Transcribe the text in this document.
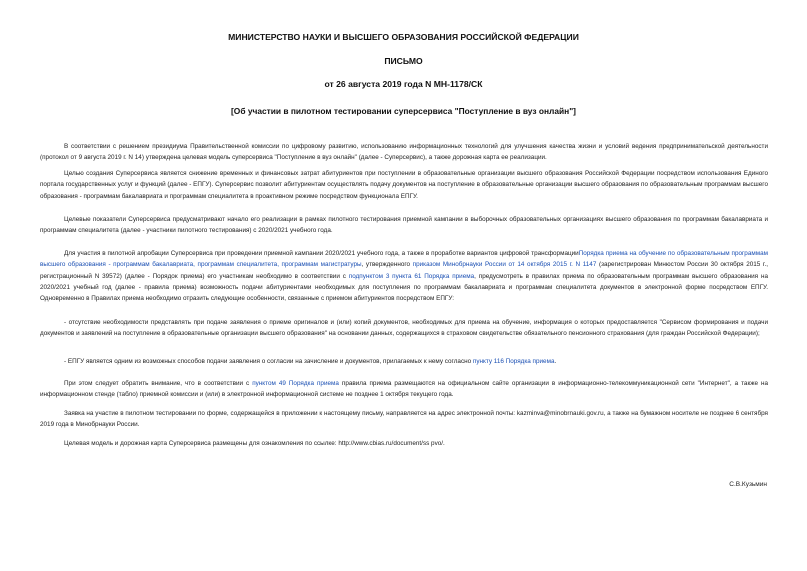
МИНИСТЕРСТВО НАУКИ И ВЫСШЕГО ОБРАЗОВАНИЯ РОССИЙСКОЙ ФЕДЕРАЦИИ
ПИСЬМО
от 26 августа 2019 года N МН-1178/СК
[Об участии в пилотном тестировании суперсервиса "Поступление в вуз онлайн"]
В соответствии с решением президиума Правительственной комиссии по цифровому развитию, использованию информационных технологий для улучшения качества жизни и условий ведения предпринимательской деятельности (протокол от 9 августа 2019 г. N 14) утверждена целевая модель суперсервиса "Поступление в вуз онлайн" (далее - Суперсервис), а также дорожная карта ее реализации.
Целью создания Суперсервиса является снижение временных и финансовых затрат абитуриентов при поступлении в образовательные организации высшего образования Российской Федерации посредством использования Единого портала государственных услуг и функций (далее - ЕПГУ). Суперсервис позволит абитуриентам осуществлять подачу документов на поступление в образовательные организации высшего образования по образовательным программам высшего образования - программам бакалавриата и программам специалитета в проактивном режиме посредством функционала ЕПГУ.
Целевые показатели Суперсервиса предусматривают начало его реализации в рамках пилотного тестирования приемной кампании в выборочных образовательных организациях высшего образования по программам бакалавриата и программам специалитета (далее - участники пилотного тестирования) с 2020/2021 учебного года.
Для участия в пилотной апробации Суперсервиса при проведении приемной кампании 2020/2021 учебного года, а также в проработке вариантов цифровой трансформацииПорядка приема на обучение по образовательным программам высшего образования - программам бакалавриата, программам специалитета, программам магистратуры, утвержденного приказом Минобрнауки России от 14 октября 2015 г. N 1147 (зарегистрирован Минюстом России 30 октября 2015 г., регистрационный N 39572) (далее - Порядок приема) его участникам необходимо в соответствии с подпунктом 3 пункта 61 Порядка приема, предусмотреть в правилах приема по образовательным программам высшего образования на 2020/2021 учебный год (далее - правила приема) возможность подачи абитуриентами необходимых для поступления по программам бакалавриата и программам специалитета документов в электронной форме посредством ЕПГУ. Одновременно в Правилах приема необходимо отразить следующие особенности, связанные с приемом абитуриентов посредством ЕПГУ:
- отсутствие необходимости представлять при подаче заявления о приеме оригиналов и (или) копий документов, необходимых для приема на обучение, информация о которых предоставляется "Сервисом формирования и подачи документов и заявлений на поступление в образовательные организации высшего образования" на основании данных, содержащихся в страховом свидетельстве обязательного пенсионного страхования (для граждан Российской Федерации);
- ЕПГУ является одним из возможных способов подачи заявления о согласии на зачисление и документов, прилагаемых к нему согласно пункту 116 Порядка приема.
При этом следует обратить внимание, что в соответствии с пунктом 49 Порядка приема правила приема размещаются на официальном сайте организации в информационно-телекоммуникационной сети "Интернет", а также на информационном стенде (табло) приемной комиссии и (или) в электронной информационной системе не позднее 1 октября текущего года.
Заявка на участие в пилотном тестировании по форме, содержащейся в приложении к настоящему письму, направляется на адрес электронной почты: kazminva@minobrnauki.gov.ru, а также на бумажном носителе не позднее 6 сентября 2019 года в Минобрнауки России.
Целевая модель и дорожная карта Суперсервиса размещены для ознакомления по ссылке: http://www.cbias.ru/document/ss pvo/.
С.В.Кузьмин
